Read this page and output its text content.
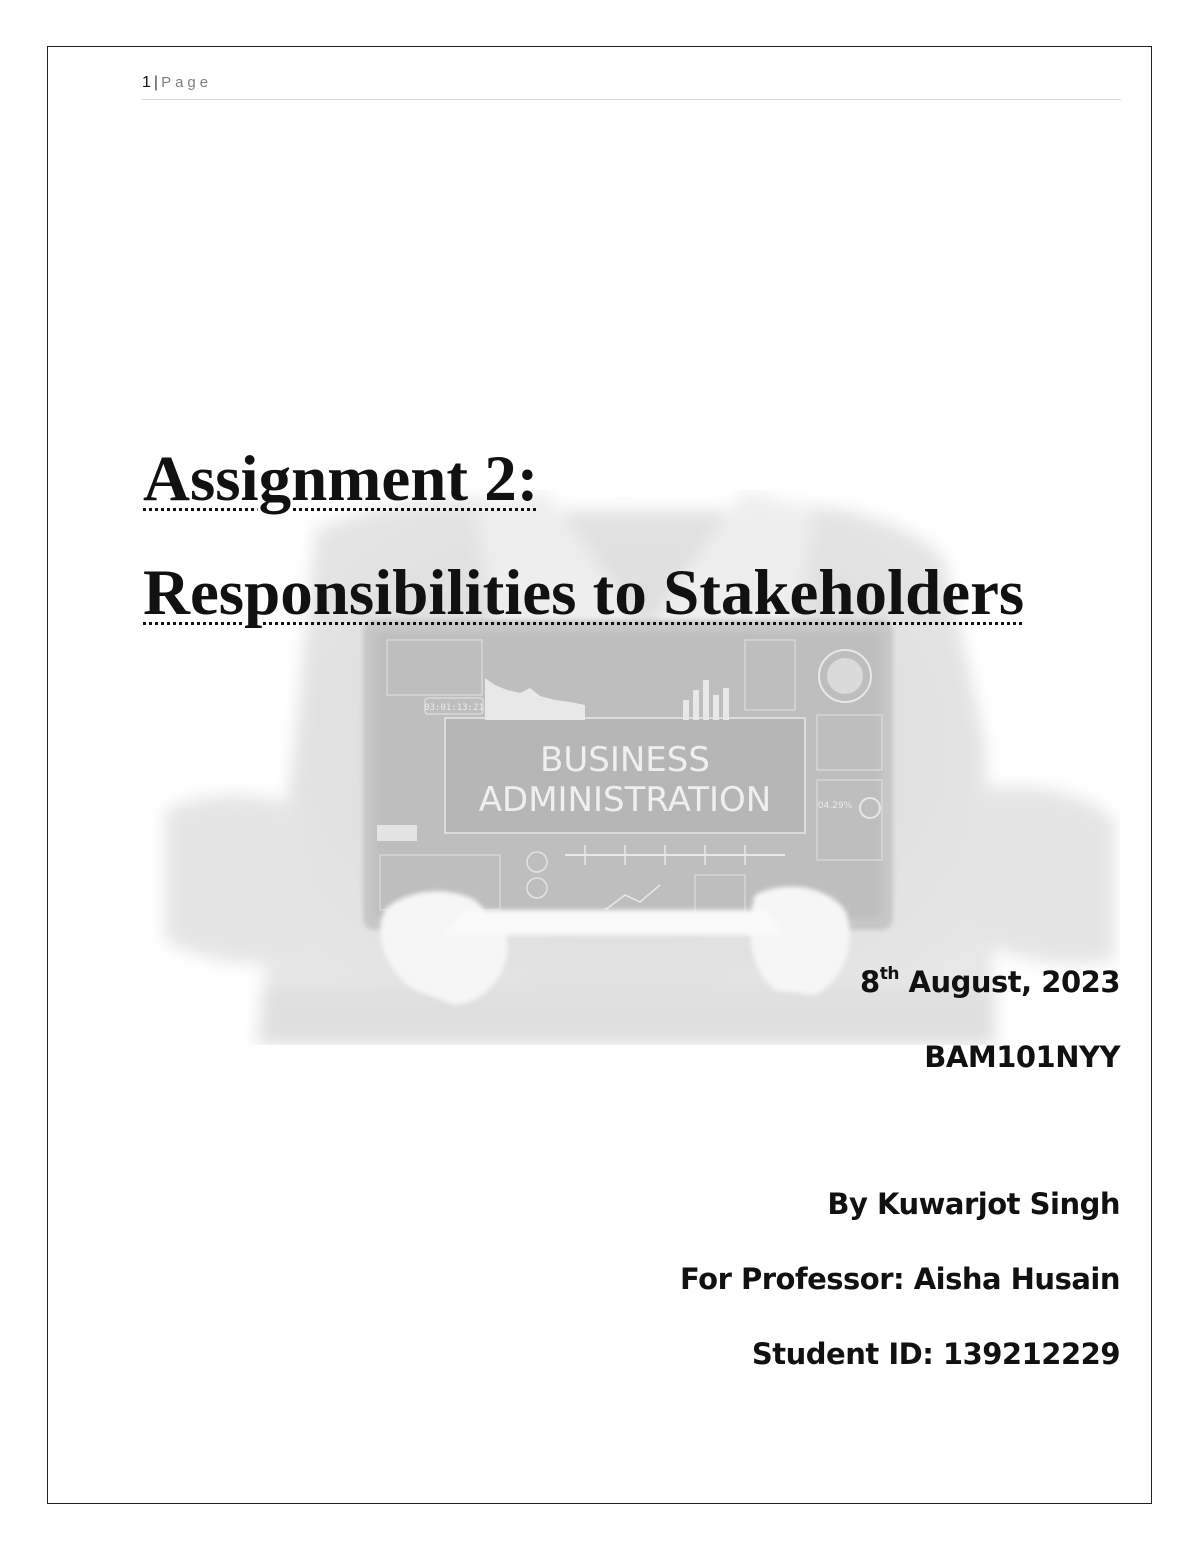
1 | Page
03:01:13:21
04.29%
BUSINESS
ADMINISTRATION
Assignment 2:
Responsibilities to Stakeholders
8th August, 2023
BAM101NYY
By Kuwarjot Singh
For Professor: Aisha Husain
Student ID: 139212229
